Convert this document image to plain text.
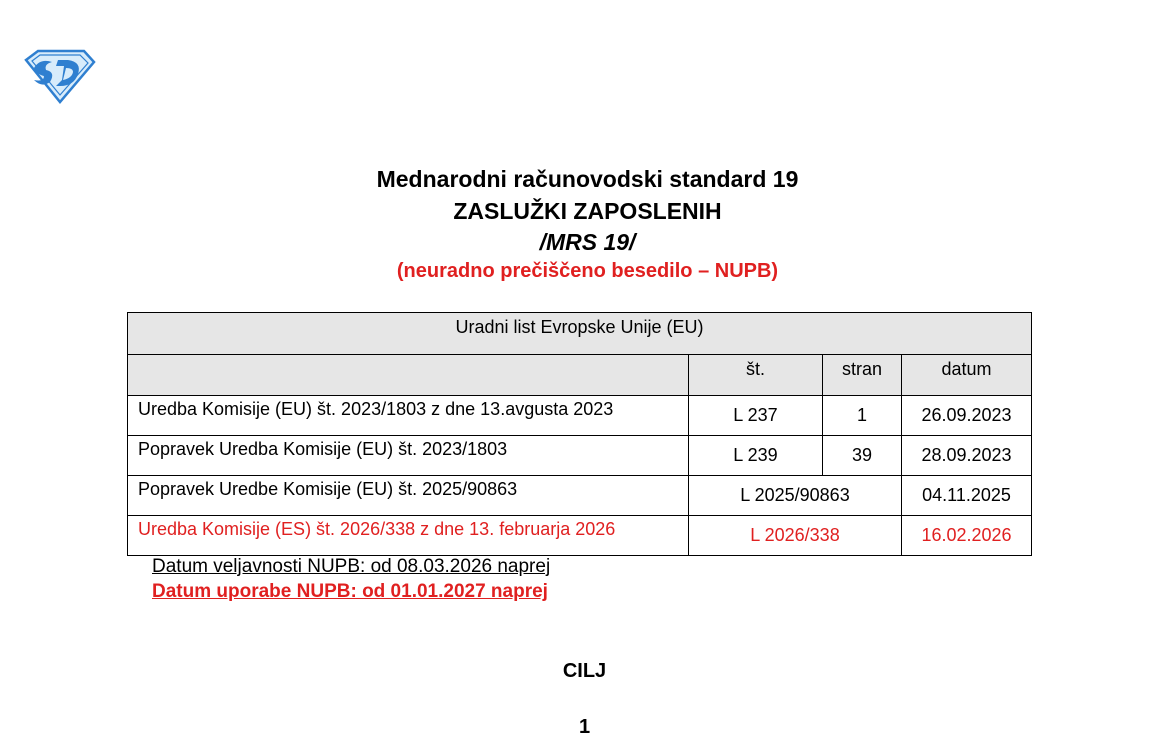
Mednarodni računovodski standard 19
ZASLUŽKI ZAPOSLENIH
/MRS 19/
(neuradno prečiščeno besedilo – NUPB)
Uradni list Evropske Unije (EU)			
	št.	stran	datum
Uredba Komisije (EU) št. 2023/1803 z dne 13.avgusta 2023	L 237	1	26.09.2023
Popravek Uredba Komisije (EU) št. 2023/1803	L 239	39	28.09.2023
Popravek Uredbe Komisije (EU) št. 2025/90863	L 2025/90863		04.11.2025
Uredba Komisije (ES) št. 2026/338 z dne 13. februarja 2026	L 2026/338		16.02.2026
Datum veljavnosti NUPB: od 08.03.2026 naprej
Datum uporabe NUPB: od 01.01.2027 naprej
CILJ
1
